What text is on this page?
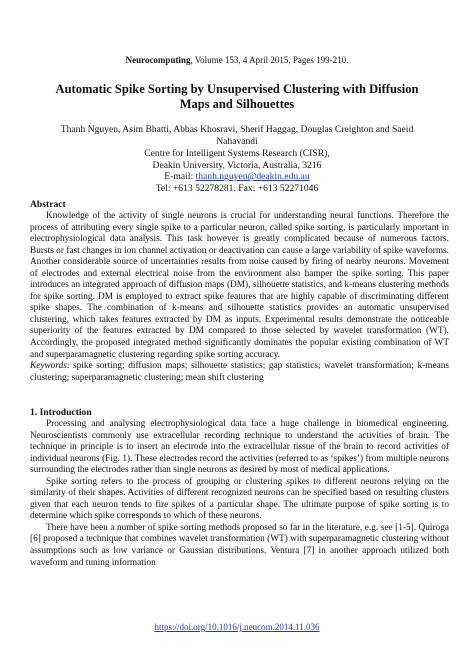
Neurocomputing, Volume 153, 4 April 2015, Pages 199-210.
Automatic Spike Sorting by Unsupervised Clustering with Diffusion Maps and Silhouettes
Thanh Nguyen, Asim Bhatti, Abbas Khosravi, Sherif Haggag, Douglas Creighton and Saeid Nahavandi
Centre for Intelligent Systems Research (CISR),
Deakin University, Victoria, Australia, 3216
E-mail: thanh.nguyen@deakin.edu.au
Tel: +613 52278281. Fax: +613 52271046
Abstract

Knowledge of the activity of single neurons is crucial for understanding neural functions. Therefore the process of attributing every single spike to a particular neuron, called spike sorting, is particularly important in electrophysiological data analysis. This task however is greatly complicated because of numerous factors. Bursts or fast changes in ion channel activation or deactivation can cause a large variability of spike waveforms. Another considerable source of uncertainties results from noise caused by firing of nearby neurons. Movement of electrodes and external electrical noise from the environment also hamper the spike sorting. This paper introduces an integrated approach of diffusion maps (DM), silhouette statistics, and k-means clustering methods for spike sorting. DM is employed to extract spike features that are highly capable of discriminating different spike shapes. The combination of k-means and silhouette statistics provides an automatic unsupervised clustering, which takes features extracted by DM as inputs. Experimental results demonstrate the noticeable superiority of the features extracted by DM compared to those selected by wavelet transformation (WT). Accordingly, the proposed integrated method significantly dominates the popular existing combination of WT and superparamagnetic clustering regarding spike sorting accuracy.

Keywords: spike sorting; diffusion maps; silhouette statistics; gap statistics; wavelet transformation; k-means clustering; superparamagnetic clustering; mean shift clustering

1. Introduction

Processing and analysing electrophysiological data face a huge challenge in biomedical engineering. Neuroscientists commonly use extracellular recording technique to understand the activities of brain. The technique in principle is to insert an electrode into the extracellular tissue of the brain to record activities of individual neurons (Fig. 1). These electrodes record the activities (referred to as ‘spikes’) from multiple neurons surrounding the electrodes rather than single neurons as desired by most of medical applications.

Spike sorting refers to the process of grouping or clustering spikes to different neurons relying on the similarity of their shapes. Activities of different recognized neurons can be specified based on resulting clusters given that each neuron tends to fire spikes of a particular shape. The ultimate purpose of spike sorting is to determine which spike corresponds to which of these neurons.

There have been a number of spike sorting methods proposed so far in the literature, e.g. see [1-5]. Quiroga [6] proposed a technique that combines wavelet transformation (WT) with superparamagnetic clustering without assumptions such as low variance or Gaussian distributions. Ventura [7] in another approach utilized both waveform and tuning information

https://doi.org/10.1016/j.neucom.2014.11.036
